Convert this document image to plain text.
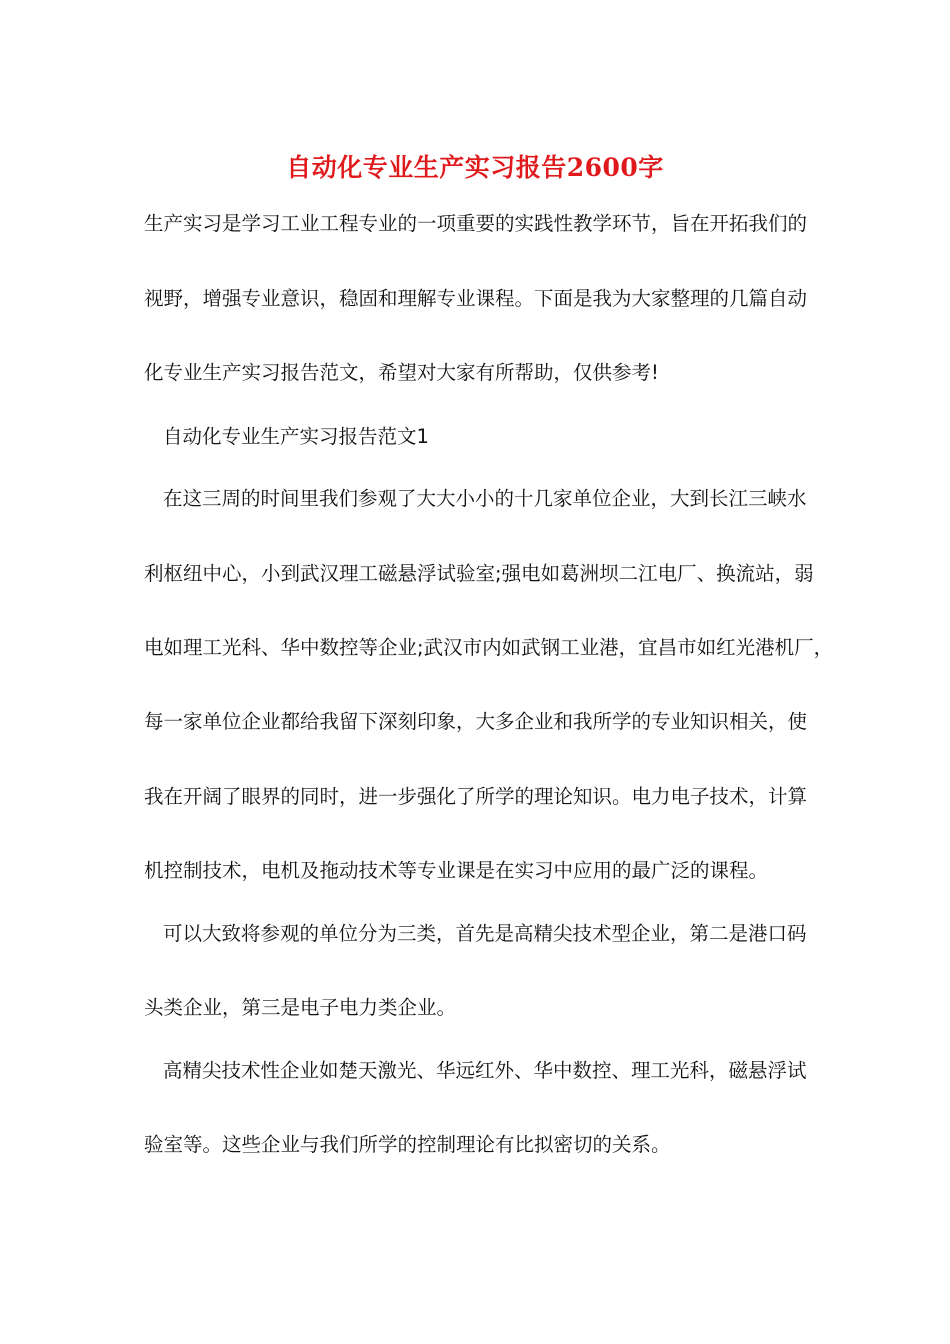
自动化专业生产实习报告2600字
生产实习是学习工业工程专业的一项重要的实践性教学环节，旨在开拓我们的
视野，增强专业意识，稳固和理解专业课程。下面是我为大家整理的几篇自动
化专业生产实习报告范文，希望对大家有所帮助，仅供参考!
自动化专业生产实习报告范文1
在这三周的时间里我们参观了大大小小的十几家单位企业，大到长江三峡水
利枢纽中心，小到武汉理工磁悬浮试验室;强电如葛洲坝二江电厂、换流站，弱
电如理工光科、华中数控等企业;武汉市内如武钢工业港，宜昌市如红光港机厂，
每一家单位企业都给我留下深刻印象，大多企业和我所学的专业知识相关，使
我在开阔了眼界的同时，进一步强化了所学的理论知识。电力电子技术，计算
机控制技术，电机及拖动技术等专业课是在实习中应用的最广泛的课程。
可以大致将参观的单位分为三类，首先是高精尖技术型企业，第二是港口码
头类企业，第三是电子电力类企业。
高精尖技术性企业如楚天激光、华远红外、华中数控、理工光科，磁悬浮试
验室等。这些企业与我们所学的控制理论有比拟密切的关系。
